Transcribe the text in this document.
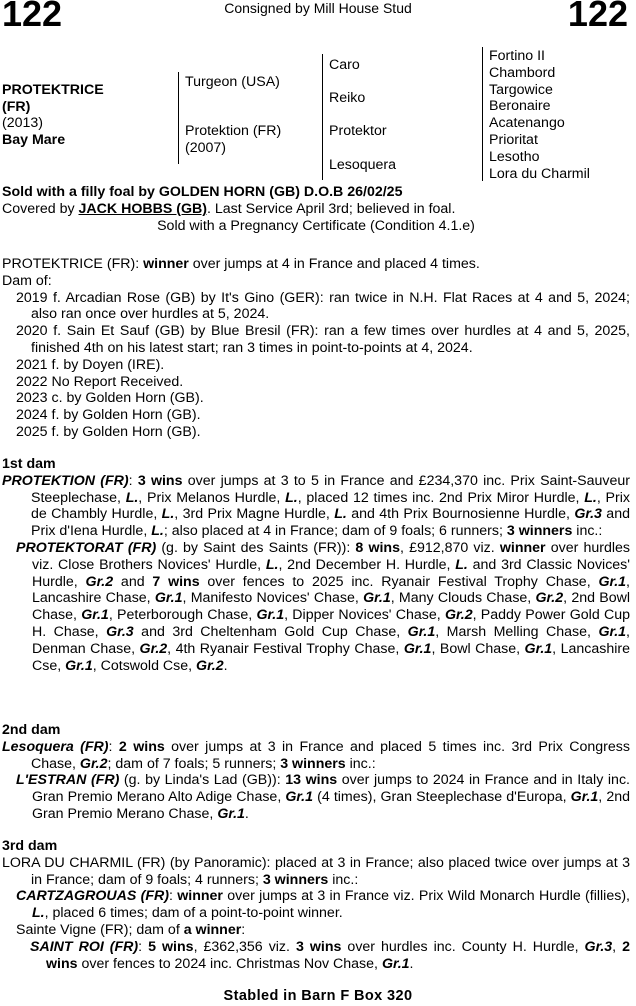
122	Consigned by Mill House Stud	122
PROTEKTRICE
(FR)
(2013)
Bay Mare
Turgeon (USA)
Protektion (FR)
(2007)
Caro
Reiko
Protektor
Lesoquera
Fortino II
Chambord
Targowice
Beronaire
Acatenango
Prioritat
Lesotho
Lora du Charmil
Sold with a filly foal by GOLDEN HORN (GB) D.O.B 26/02/25
Covered by JACK HOBBS (GB). Last Service April 3rd; believed in foal.
Sold with a Pregnancy Certificate (Condition 4.1.e)
PROTEKTRICE (FR): winner over jumps at 4 in France and placed 4 times.
Dam of:
2019 f. Arcadian Rose (GB) by It's Gino (GER): ran twice in N.H. Flat Races at 4 and 5, 2024; also ran once over hurdles at 5, 2024.
2020 f. Sain Et Sauf (GB) by Blue Bresil (FR): ran a few times over hurdles at 4 and 5, 2025, finished 4th on his latest start; ran 3 times in point-to-points at 4, 2024.
2021 f. by Doyen (IRE).
2022 No Report Received.
2023 c. by Golden Horn (GB).
2024 f. by Golden Horn (GB).
2025 f. by Golden Horn (GB).
1st dam
PROTEKTION (FR): 3 wins over jumps at 3 to 5 in France and £234,370 inc. Prix Saint-Sauveur Steeplechase, L., Prix Melanos Hurdle, L., placed 12 times inc. 2nd Prix Miror Hurdle, L., Prix de Chambly Hurdle, L., 3rd Prix Magne Hurdle, L. and 4th Prix Bournosienne Hurdle, Gr.3 and Prix d'Iena Hurdle, L.; also placed at 4 in France; dam of 9 foals; 6 runners; 3 winners inc.:
PROTEKTORAT (FR) (g. by Saint des Saints (FR)): 8 wins, £912,870 viz. winner over hurdles viz. Close Brothers Novices' Hurdle, L., 2nd December H. Hurdle, L. and 3rd Classic Novices' Hurdle, Gr.2 and 7 wins over fences to 2025 inc. Ryanair Festival Trophy Chase, Gr.1, Lancashire Chase, Gr.1, Manifesto Novices' Chase, Gr.1, Many Clouds Chase, Gr.2, 2nd Bowl Chase, Gr.1, Peterborough Chase, Gr.1, Dipper Novices' Chase, Gr.2, Paddy Power Gold Cup H. Chase, Gr.3 and 3rd Cheltenham Gold Cup Chase, Gr.1, Marsh Melling Chase, Gr.1, Denman Chase, Gr.2, 4th Ryanair Festival Trophy Chase, Gr.1, Bowl Chase, Gr.1, Lancashire Cse, Gr.1, Cotswold Cse, Gr.2.
2nd dam
Lesoquera (FR): 2 wins over jumps at 3 in France and placed 5 times inc. 3rd Prix Congress Chase, Gr.2; dam of 7 foals; 5 runners; 3 winners inc.:
L'ESTRAN (FR) (g. by Linda's Lad (GB)): 13 wins over jumps to 2024 in France and in Italy inc. Gran Premio Merano Alto Adige Chase, Gr.1 (4 times), Gran Steeplechase d'Europa, Gr.1, 2nd Gran Premio Merano Chase, Gr.1.
3rd dam
LORA DU CHARMIL (FR) (by Panoramic): placed at 3 in France; also placed twice over jumps at 3 in France; dam of 9 foals; 4 runners; 3 winners inc.:
CARTZAGROUAS (FR): winner over jumps at 3 in France viz. Prix Wild Monarch Hurdle (fillies), L., placed 6 times; dam of a point-to-point winner.
Sainte Vigne (FR); dam of a winner:
SAINT ROI (FR): 5 wins, £362,356 viz. 3 wins over hurdles inc. County H. Hurdle, Gr.3, 2 wins over fences to 2024 inc. Christmas Nov Chase, Gr.1.
Stabled in Barn F Box 320
